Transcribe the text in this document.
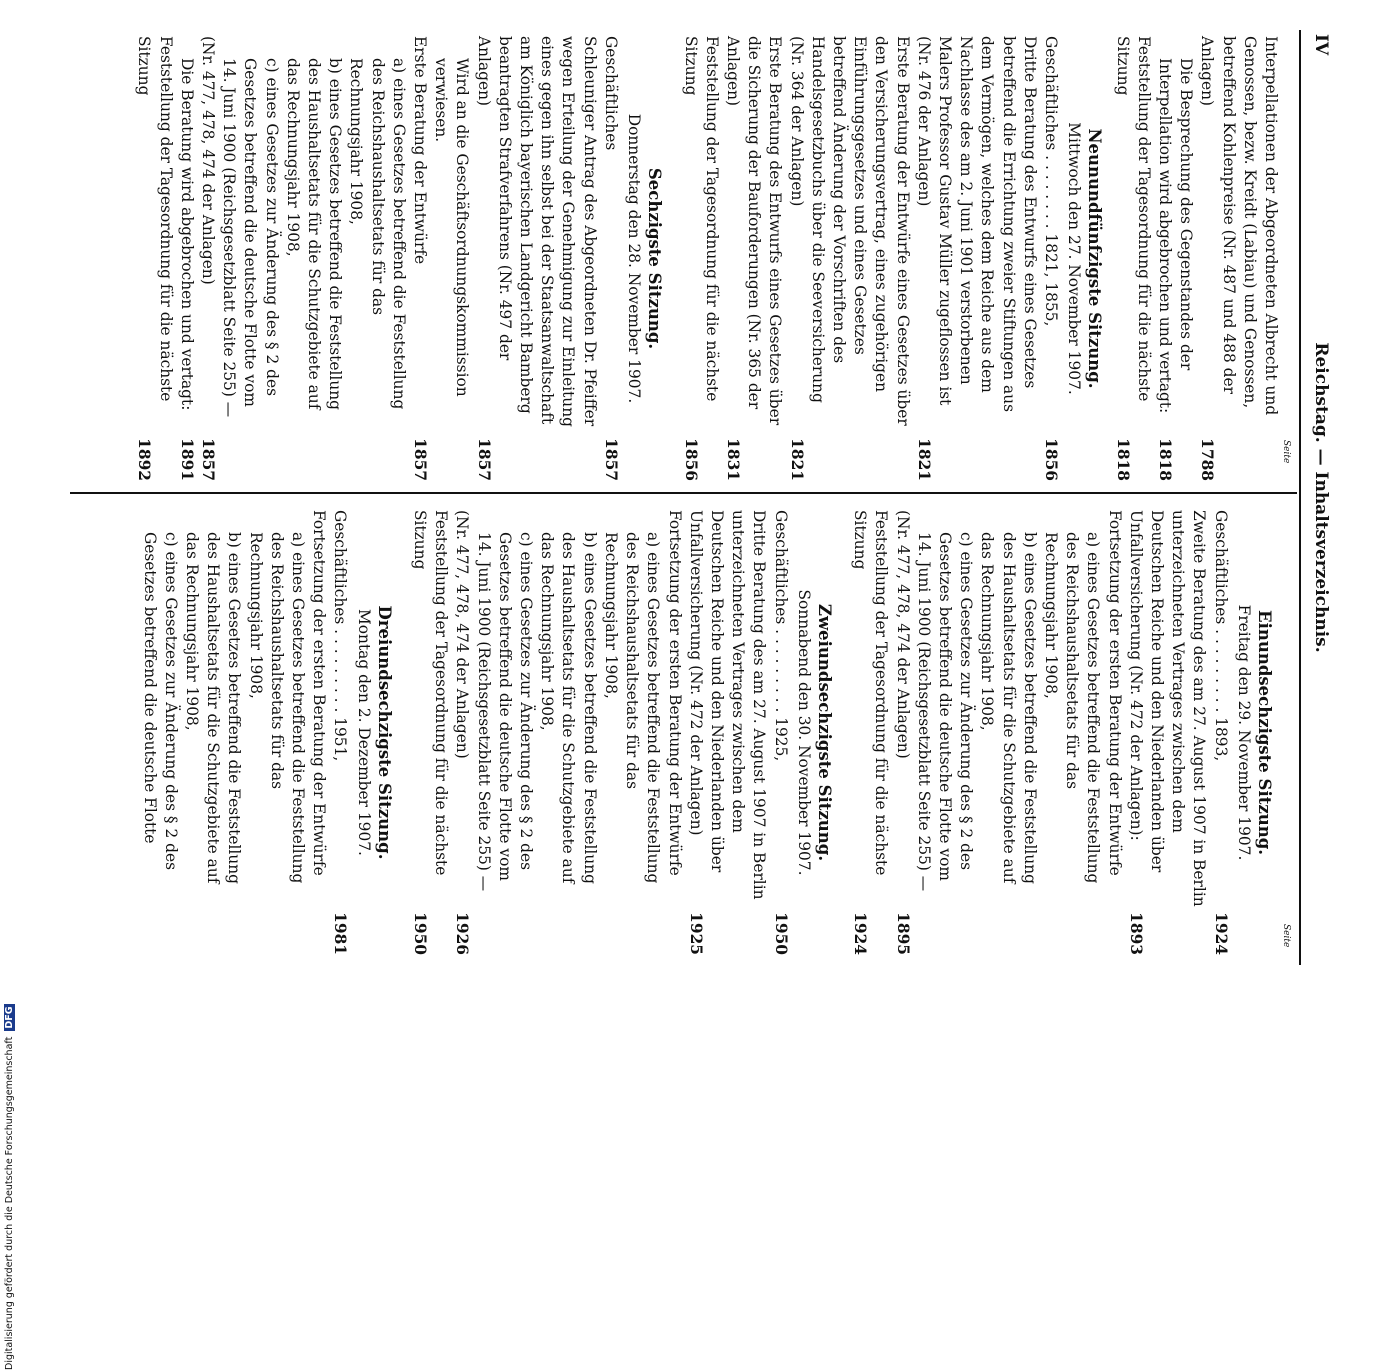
IV
Reichstag. — Inhaltsverzeichnis.
Seite
Seite
Interpellationen der Abgeordneten Albrecht und Genossen, bezw. Kreidt (Labiau) und Genossen, betreffend Kohlenpreise (Nr. 487 und 488 der Anlagen)
1788
Die Besprechung des Gegenstandes der Interpellation wird abgebrochen und vertagt:
1818
Feststellung der Tagesordnung für die nächste Sitzung
1818
Neunundfünfzigste Sitzung.
Mittwoch den 27. November 1907.
Geschäftliches . . . . . . . . 1821, 1855,
1856
Dritte Beratung des Entwurfs eines Gesetzes betreffend die Errichtung zweier Stiftungen aus dem Vermögen, welches dem Reiche aus dem Nachlasse des am 2. Juni 1901 verstorbenen Malers Professor Gustav Müller zugeflossen ist (Nr. 476 der Anlagen)
1821
Erste Beratung der Entwürfe eines Gesetzes über den Versicherungsvertrag, eines zugehörigen Einführungsgesetzes und eines Gesetzes betreffend Änderung der Vorschriften des Handelsgesetzbuchs über die Seeversicherung (Nr. 364 der Anlagen)
1821
Erste Beratung des Entwurfs eines Gesetzes über die Sicherung der Bauforderungen (Nr. 365 der Anlagen)
1831
Feststellung der Tagesordnung für die nächste Sitzung
1856
Sechzigste Sitzung.
Donnerstag den 28. November 1907.
Geschäftliches
1857
Schleuniger Antrag des Abgeordneten Dr. Pfeiffer wegen Erteilung der Genehmigung zur Einleitung eines gegen ihn selbst bei der Staatsanwaltschaft am Königlich bayerischen Landgericht Bamberg beantragten Strafverfahrens (Nr. 497 der Anlagen)
1857
Wird an die Geschäftsordnungskommission verwiesen.
Erste Beratung der Entwürfe
1857
a) eines Gesetzes betreffend die Feststellung des Reichshaushaltsetats für das Rechnungsjahr 1908,
b) eines Gesetzes betreffend die Feststellung des Haushaltsetats für die Schutzgebiete auf das Rechnungsjahr 1908,
c) eines Gesetzes zur Änderung des § 2 des Gesetzes betreffend die deutsche Flotte vom 14. Juni 1900 (Reichsgesetzblatt Seite 255) —
(Nr. 477, 478, 474 der Anlagen)
1857
Die Beratung wird abgebrochen und vertagt:
1891
Feststellung der Tagesordnung für die nächste Sitzung
1892
Einundsechzigste Sitzung.
Freitag den 29. November 1907.
Geschäftliches . . . . . . . . . 1893,
1924
Zweite Beratung des am 27. August 1907 in Berlin unterzeichneten Vertrages zwischen dem Deutschen Reiche und den Niederlanden über Unfallversicherung (Nr. 472 der Anlagen):
1893
Fortsetzung der ersten Beratung der Entwürfe
a) eines Gesetzes betreffend die Feststellung des Reichshaushaltsetats für das Rechnungsjahr 1908,
b) eines Gesetzes betreffend die Feststellung des Haushaltsetats für die Schutzgebiete auf das Rechnungsjahr 1908,
c) eines Gesetzes zur Änderung des § 2 des Gesetzes betreffend die deutsche Flotte vom 14. Juni 1900 (Reichsgesetzblatt Seite 255) —
(Nr. 477, 478, 474 der Anlagen)
1895
Feststellung der Tagesordnung für die nächste Sitzung
1924
Zweiundsechzigste Sitzung.
Sonnabend den 30. November 1907.
Geschäftliches . . . . . . . . . 1925,
1950
Dritte Beratung des am 27. August 1907 in Berlin unterzeichneten Vertrages zwischen dem Deutschen Reiche und den Niederlanden über Unfallversicherung (Nr. 472 der Anlagen)
1925
Fortsetzung der ersten Beratung der Entwürfe
a) eines Gesetzes betreffend die Feststellung des Reichshaushaltsetats für das Rechnungsjahr 1908,
b) eines Gesetzes betreffend die Feststellung des Haushaltsetats für die Schutzgebiete auf das Rechnungsjahr 1908,
c) eines Gesetzes zur Änderung des § 2 des Gesetzes betreffend die deutsche Flotte vom 14. Juni 1900 (Reichsgesetzblatt Seite 255) —
(Nr. 477, 478, 474 der Anlagen)
1926
Feststellung der Tagesordnung für die nächste Sitzung
1950
Dreiundsechzigste Sitzung.
Montag den 2. Dezember 1907.
Geschäftliches . . . . . . . . . 1951,
1981
Fortsetzung der ersten Beratung der Entwürfe
a) eines Gesetzes betreffend die Feststellung des Reichshaushaltsetats für das Rechnungsjahr 1908,
b) eines Gesetzes betreffend die Feststellung des Haushaltsetats für die Schutzgebiete auf das Rechnungsjahr 1908,
c) eines Gesetzes zur Änderung des § 2 des Gesetzes betreffend die deutsche Flotte
Digitalisierung gefördert durch die Deutsche Forschungsgemeinschaft DFG
